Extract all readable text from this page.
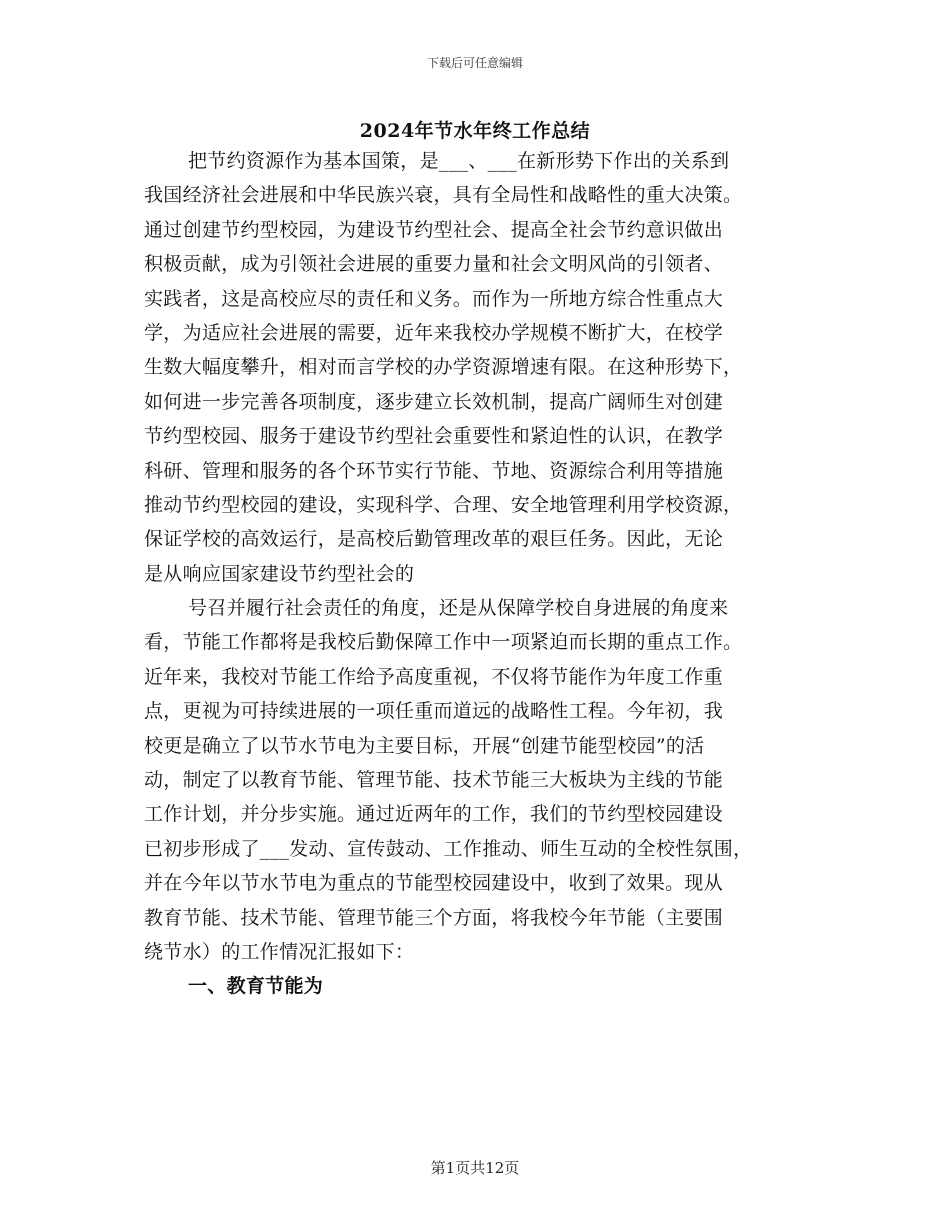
下载后可任意编辑
2024年节水年终工作总结
把节约资源作为基本国策，是___、___在新形势下作出的关系到
我国经济社会进展和中华民族兴衰，具有全局性和战略性的重大决策。
通过创建节约型校园，为建设节约型社会、提高全社会节约意识做出
积极贡献，成为引领社会进展的重要力量和社会文明风尚的引领者、
实践者，这是高校应尽的责任和义务。而作为一所地方综合性重点大
学，为适应社会进展的需要，近年来我校办学规模不断扩大，在校学
生数大幅度攀升，相对而言学校的办学资源增速有限。在这种形势下，
如何进一步完善各项制度，逐步建立长效机制，提高广阔师生对创建
节约型校园、服务于建设节约型社会重要性和紧迫性的认识，在教学
科研、管理和服务的各个环节实行节能、节地、资源综合利用等措施
推动节约型校园的建设，实现科学、合理、安全地管理利用学校资源，
保证学校的高效运行，是高校后勤管理改革的艰巨任务。因此，无论
是从响应国家建设节约型社会的
号召并履行社会责任的角度，还是从保障学校自身进展的角度来
看，节能工作都将是我校后勤保障工作中一项紧迫而长期的重点工作。
近年来，我校对节能工作给予高度重视，不仅将节能作为年度工作重
点，更视为可持续进展的一项任重而道远的战略性工程。今年初，我
校更是确立了以节水节电为主要目标，开展“创建节能型校园”的活
动，制定了以教育节能、管理节能、技术节能三大板块为主线的节能
工作计划，并分步实施。通过近两年的工作，我们的节约型校园建设
已初步形成了___发动、宣传鼓动、工作推动、师生互动的全校性氛围，
并在今年以节水节电为重点的节能型校园建设中，收到了效果。现从
教育节能、技术节能、管理节能三个方面，将我校今年节能（主要围
绕节水）的工作情况汇报如下：
一、教育节能为
第1页共12页
